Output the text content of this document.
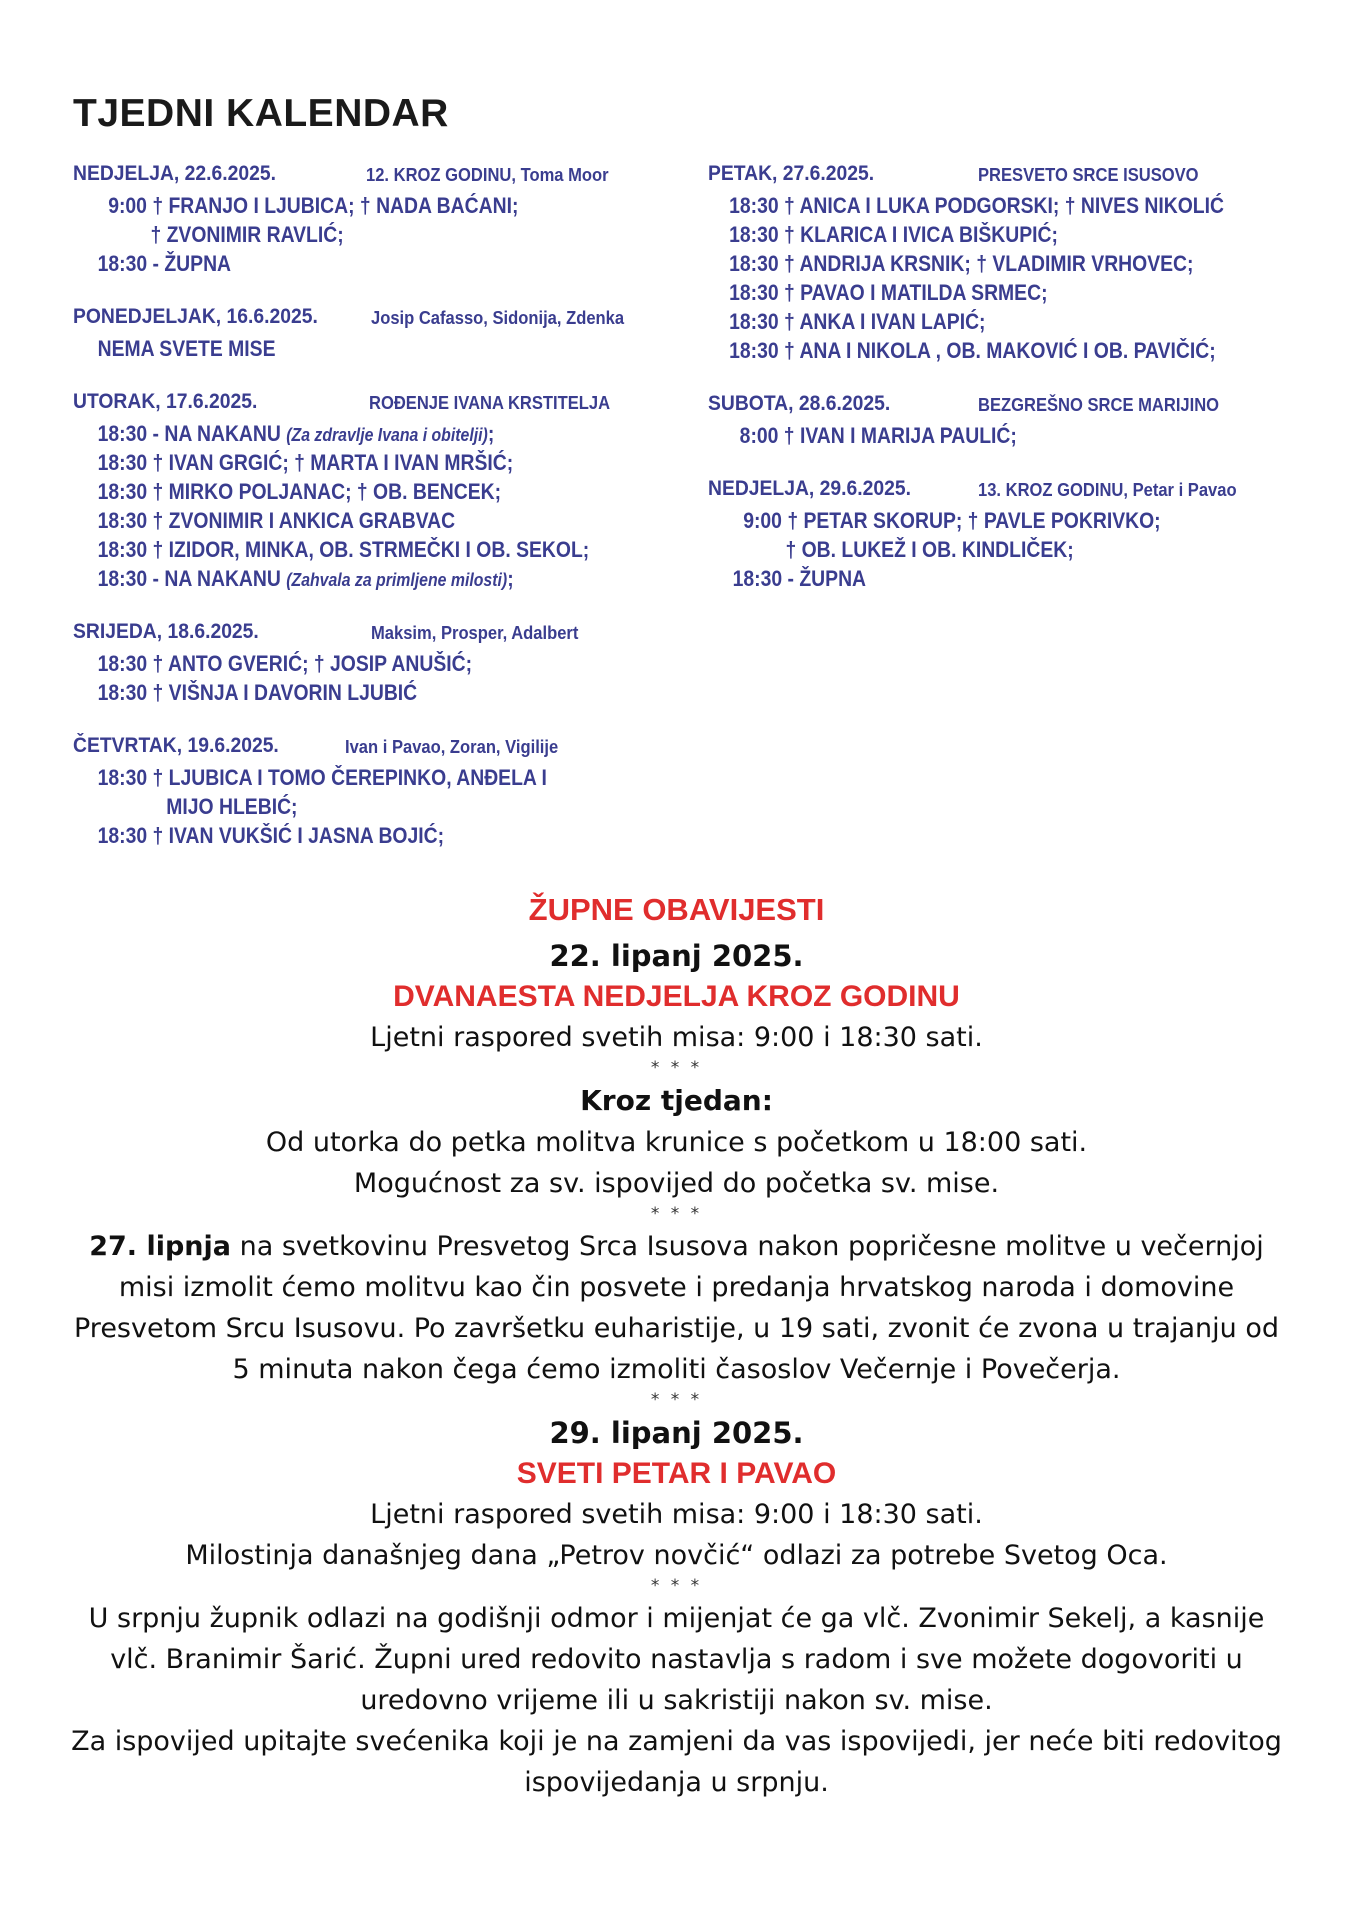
TJEDNI KALENDAR
NEDJELJA, 22.6.2025.	12. KROZ GODINU, Toma Moor
9:00 † FRANJO I LJUBICA; † NADA BAĆANI;
† ZVONIMIR RAVLIĆ;
18:30 - ŽUPNA
PONEDJELJAK, 16.6.2025.	Josip Cafasso, Sidonija, Zdenka
NEMA SVETE MISE
UTORAK, 17.6.2025.	ROĐENJE IVANA KRSTITELJA
18:30 - NA NAKANU (Za zdravlje Ivana i obitelji);
18:30 † IVAN GRGIĆ; † MARTA I IVAN MRŠIĆ;
18:30 † MIRKO POLJANAC; † OB. BENCEK;
18:30 † ZVONIMIR I ANKICA GRABVAC
18:30 † IZIDOR, MINKA, OB. STRMEČKI I OB. SEKOL;
18:30 - NA NAKANU (Zahvala za primljene milosti);
SRIJEDA, 18.6.2025.	Maksim, Prosper, Adalbert
18:30 † ANTO GVERIĆ; † JOSIP ANUŠIĆ;
18:30 † VIŠNJA I DAVORIN LJUBIĆ
ČETVRTAK, 19.6.2025.	Ivan i Pavao, Zoran, Vigilije
18:30 † LJUBICA I TOMO ČEREPINKO, ANĐELA I
MIJO HLEBIĆ;
18:30 † IVAN VUKŠIĆ I JASNA BOJIĆ;
PETAK, 27.6.2025.	PRESVETO SRCE ISUSOVO
18:30 † ANICA I LUKA PODGORSKI; † NIVES NIKOLIĆ
18:30 † KLARICA I IVICA BIŠKUPIĆ;
18:30 † ANDRIJA KRSNIK; † VLADIMIR VRHOVEC;
18:30 † PAVAO I MATILDA SRMEC;
18:30 † ANKA I IVAN LAPIĆ;
18:30 † ANA I NIKOLA , OB. MAKOVIĆ I OB. PAVIČIĆ;
SUBOTA, 28.6.2025.	BEZGREŠNO SRCE MARIJINO
8:00 † IVAN I MARIJA PAULIĆ;
NEDJELJA, 29.6.2025.	13. KROZ GODINU, Petar i Pavao
9:00 † PETAR SKORUP; † PAVLE POKRIVKO;
† OB. LUKEŽ I OB. KINDLIČEK;
18:30 - ŽUPNA
ŽUPNE OBAVIJESTI
22. lipanj 2025.
DVANAESTA NEDJELJA KROZ GODINU
Ljetni raspored svetih misa: 9:00 i 18:30 sati.
* * *
Kroz tjedan:
Od utorka do petka molitva krunice s početkom u 18:00 sati.
Mogućnost za sv. ispovijed do početka sv. mise.
* * *
27. lipnja na svetkovinu Presvetog Srca Isusova nakon popričesne molitve u večernjoj misi izmolit ćemo molitvu kao čin posvete i predanja hrvatskog naroda i domovine Presvetom Srcu Isusovu. Po završetku euharistije, u 19 sati, zvonit će zvona u trajanju od 5 minuta nakon čega ćemo izmoliti časoslov Večernje i Povečerja.
* * *
29. lipanj 2025.
SVETI PETAR I PAVAO
Ljetni raspored svetih misa: 9:00 i 18:30 sati.
Milostinja današnjeg dana „Petrov novčić“ odlazi za potrebe Svetog Oca.
* * *
U srpnju župnik odlazi na godišnji odmor i mijenjat će ga vlč. Zvonimir Sekelj, a kasnije vlč. Branimir Šarić. Župni ured redovito nastavlja s radom i sve možete dogovoriti u uredovno vrijeme ili u sakristiji nakon sv. mise.
Za ispovijed upitajte svećenika koji je na zamjeni da vas ispovijedi, jer neće biti redovitog ispovijedanja u srpnju.
